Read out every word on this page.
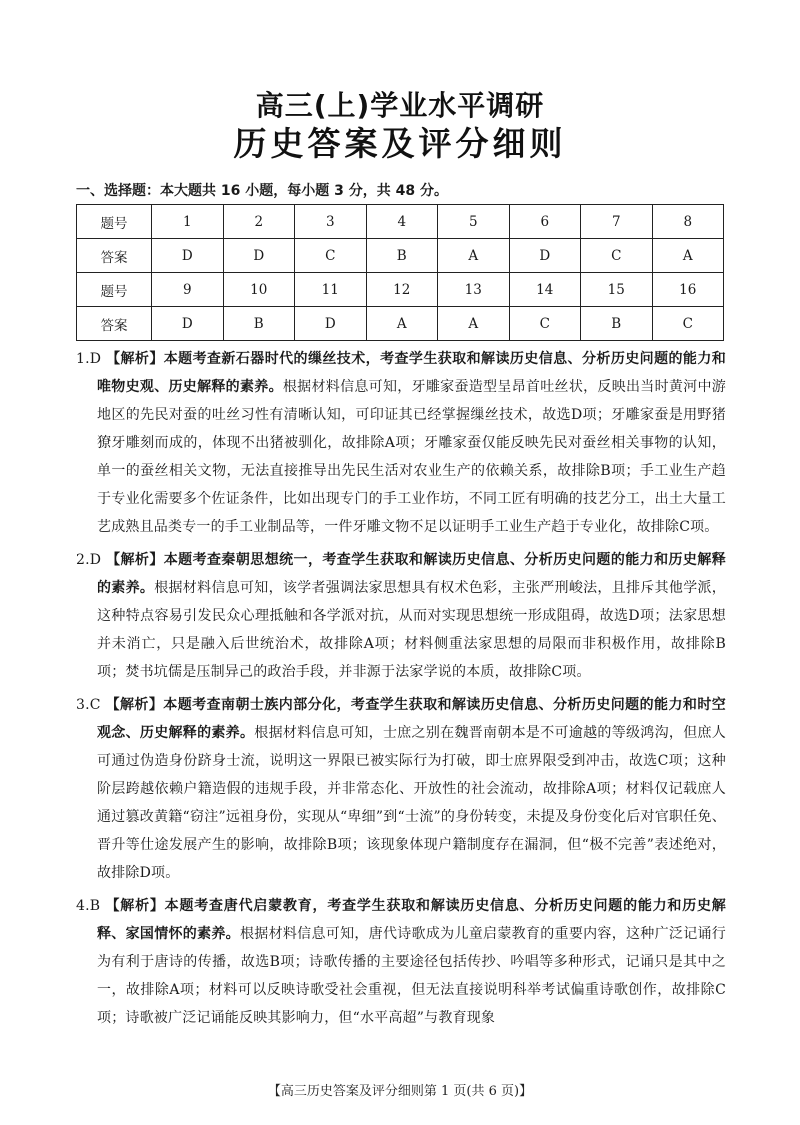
高三(上)学业水平调研
历史答案及评分细则
一、选择题：本大题共 16 小题，每小题 3 分，共 48 分。
题号	1	2	3	4	5	6	7	8
答案	D	D	C	B	A	D	C	A
题号	9	10	11	12	13	14	15	16
答案	D	B	D	A	A	C	B	C

1.D 【解析】本题考查新石器时代的缫丝技术，考查学生获取和解读历史信息、分析历史问题的能力和唯物史观、历史解释的素养。根据材料信息可知，牙雕家蚕造型呈昂首吐丝状，反映出当时黄河中游地区的先民对蚕的吐丝习性有清晰认知，可印证其已经掌握缫丝技术，故选D项；牙雕家蚕是用野猪獠牙雕刻而成的，体现不出猪被驯化，故排除A项；牙雕家蚕仅能反映先民对蚕丝相关事物的认知，单一的蚕丝相关文物，无法直接推导出先民生活对农业生产的依赖关系，故排除B项；手工业生产趋于专业化需要多个佐证条件，比如出现专门的手工业作坊，不同工匠有明确的技艺分工，出土大量工艺成熟且品类专一的手工业制品等，一件牙雕文物不足以证明手工业生产趋于专业化，故排除C项。

2.D 【解析】本题考查秦朝思想统一，考查学生获取和解读历史信息、分析历史问题的能力和历史解释的素养。根据材料信息可知，该学者强调法家思想具有权术色彩，主张严刑峻法，且排斥其他学派，这种特点容易引发民众心理抵触和各学派对抗，从而对实现思想统一形成阻碍，故选D项；法家思想并未消亡，只是融入后世统治术，故排除A项；材料侧重法家思想的局限而非积极作用，故排除B项；焚书坑儒是压制异己的政治手段，并非源于法家学说的本质，故排除C项。

3.C 【解析】本题考查南朝士族内部分化，考查学生获取和解读历史信息、分析历史问题的能力和时空观念、历史解释的素养。根据材料信息可知，士庶之别在魏晋南朝本是不可逾越的等级鸿沟，但庶人可通过伪造身份跻身士流，说明这一界限已被实际行为打破，即士庶界限受到冲击，故选C项；这种阶层跨越依赖户籍造假的违规手段，并非常态化、开放性的社会流动，故排除A项；材料仅记载庶人通过篡改黄籍“窃注”远祖身份，实现从“卑细”到“士流”的身份转变，未提及身份变化后对官职任免、晋升等仕途发展产生的影响，故排除B项；该现象体现户籍制度存在漏洞，但“极不完善”表述绝对，故排除D项。

4.B 【解析】本题考查唐代启蒙教育，考查学生获取和解读历史信息、分析历史问题的能力和历史解释、家国情怀的素养。根据材料信息可知，唐代诗歌成为儿童启蒙教育的重要内容，这种广泛记诵行为有利于唐诗的传播，故选B项；诗歌传播的主要途径包括传抄、吟唱等多种形式，记诵只是其中之一，故排除A项；材料可以反映诗歌受社会重视，但无法直接说明科举考试偏重诗歌创作，故排除C项；诗歌被广泛记诵能反映其影响力，但“水平高超”与教育现象

【高三历史答案及评分细则第 1 页(共 6 页)】
